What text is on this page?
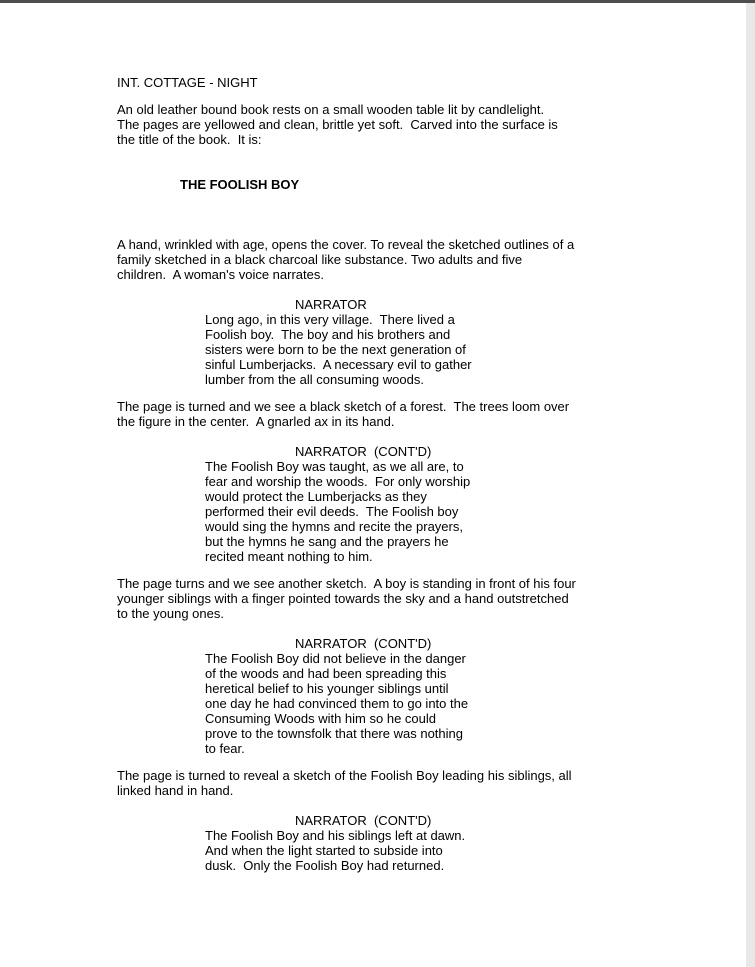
INT. COTTAGE - NIGHT
An old leather bound book rests on a small wooden table lit by candlelight.
The pages are yellowed and clean, brittle yet soft.  Carved into the surface is
the title of the book.  It is:
THE FOOLISH BOY
A hand, wrinkled with age, opens the cover. To reveal the sketched outlines of a
family sketched in a black charcoal like substance. Two adults and five
children.  A woman's voice narrates.
NARRATOR
Long ago, in this very village.  There lived a
Foolish boy.  The boy and his brothers and
sisters were born to be the next generation of
sinful Lumberjacks.  A necessary evil to gather
lumber from the all consuming woods.
The page is turned and we see a black sketch of a forest.  The trees loom over
the figure in the center.  A gnarled ax in its hand.
NARRATOR  (CONT'D)
The Foolish Boy was taught, as we all are, to
fear and worship the woods.  For only worship
would protect the Lumberjacks as they
performed their evil deeds.  The Foolish boy
would sing the hymns and recite the prayers,
but the hymns he sang and the prayers he
recited meant nothing to him.
The page turns and we see another sketch.  A boy is standing in front of his four
younger siblings with a finger pointed towards the sky and a hand outstretched
to the young ones.
NARRATOR  (CONT'D)
The Foolish Boy did not believe in the danger
of the woods and had been spreading this
heretical belief to his younger siblings until
one day he had convinced them to go into the
Consuming Woods with him so he could
prove to the townsfolk that there was nothing
to fear.
The page is turned to reveal a sketch of the Foolish Boy leading his siblings, all
linked hand in hand.
NARRATOR  (CONT'D)
The Foolish Boy and his siblings left at dawn.
And when the light started to subside into
dusk.  Only the Foolish Boy had returned.
